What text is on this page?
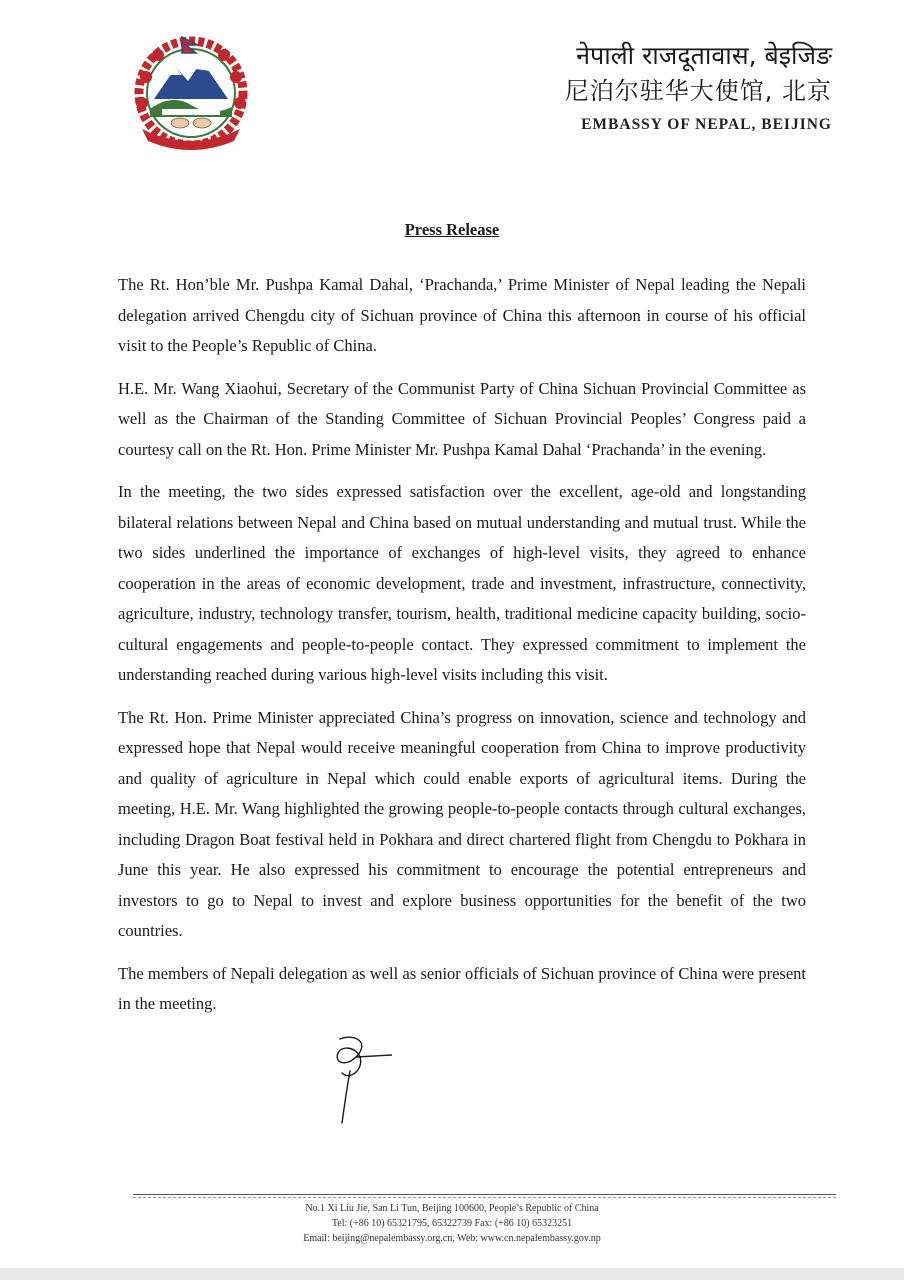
नेपाली राजदूतावास, बेइजिङ
尼泊尔驻华大使馆, 北京
EMBASSY OF NEPAL, BEIJING
Press Release

The Rt. Hon’ble Mr. Pushpa Kamal Dahal, ‘Prachanda,’ Prime Minister of Nepal leading the Nepali delegation arrived Chengdu city of Sichuan province of China this afternoon in course of his official visit to the People’s Republic of China.

H.E. Mr. Wang Xiaohui, Secretary of the Communist Party of China Sichuan Provincial Committee as well as the Chairman of the Standing Committee of Sichuan Provincial Peoples’ Congress paid a courtesy call on the Rt. Hon. Prime Minister Mr. Pushpa Kamal Dahal ‘Prachanda’ in the evening.

In the meeting, the two sides expressed satisfaction over the excellent, age-old and longstanding bilateral relations between Nepal and China based on mutual understanding and mutual trust. While the two sides underlined the importance of exchanges of high-level visits, they agreed to enhance cooperation in the areas of economic development, trade and investment, infrastructure, connectivity, agriculture, industry, technology transfer, tourism, health, traditional medicine capacity building, socio-cultural engagements and people-to-people contact. They expressed commitment to implement the understanding reached during various high-level visits including this visit.

The Rt. Hon. Prime Minister appreciated China’s progress on innovation, science and technology and expressed hope that Nepal would receive meaningful cooperation from China to improve productivity and quality of agriculture in Nepal which could enable exports of agricultural items. During the meeting, H.E. Mr. Wang highlighted the growing people-to-people contacts through cultural exchanges, including Dragon Boat festival held in Pokhara and direct chartered flight from Chengdu to Pokhara in June this year. He also expressed his commitment to encourage the potential entrepreneurs and investors to go to Nepal to invest and explore business opportunities for the benefit of the two countries.

The members of Nepali delegation as well as senior officials of Sichuan province of China were present in the meeting.

No.1 Xi Liu Jie, San Li Tun, Beijing 100600, People’s Republic of China
Tel: (+86 10) 65321795, 65322739 Fax: (+86 10) 65323251
Email: beijing@nepalembassy.org.cn, Web: www.cn.nepalembassy.gov.np
